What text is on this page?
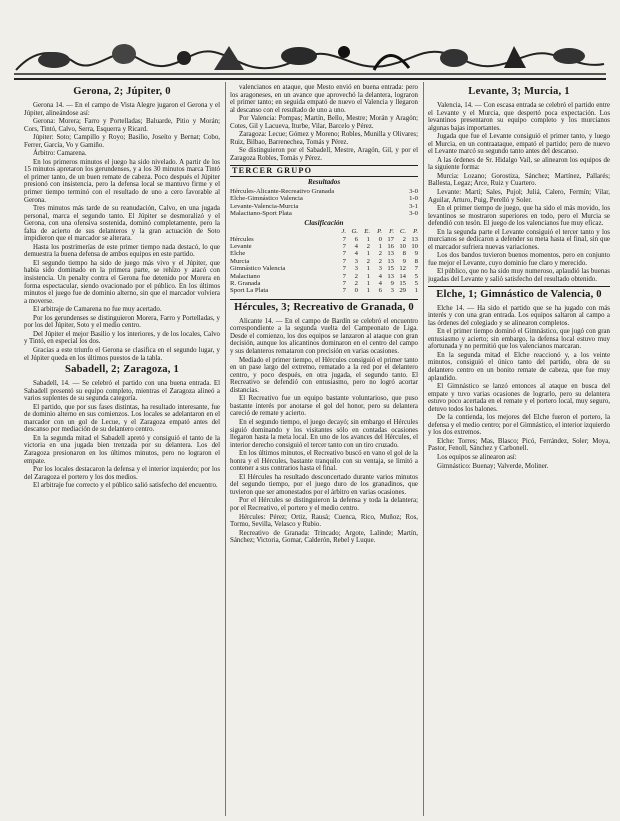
Gerona, 2; Júpiter, 0

Gerona 14. — En el campo de Vista Alegre jugaron el Gerona y el Júpiter, alineándose así:

Gerona: Morera; Farro y Portelladas; Baluarde, Pitio y Morán; Cors, Tintó, Calvo, Serra, Esquerra y Ricard.

Júpiter: Soto; Campillo y Royo; Basilio, Joseíto y Bernat; Cobo, Ferrer, García, Vo y Gamiño.

Árbitro: Camarena.

En los primeros minutos el juego ha sido nivelado. A partir de los 15 minutos apretaron los gerundenses, y a los 30 minutos marca Tintó el primer tanto, de un buen remate de cabeza. Poco después el Júpiter presionó con insistencia, pero la defensa local se mantuvo firme y el primer tiempo terminó con el resultado de uno a cero favorable al Gerona.

Tres minutos más tarde de su reanudación, Calvo, en una jugada personal, marca el segundo tanto. El Júpiter se desmoralizó y el Gerona, con una ofensiva sostenida, dominó completamente, pero la falta de acierto de sus delanteros y la gran actuación de Soto impidieron que el marcador se alterara.

Hasta los postrimerías de este primer tiempo nada destacó, lo que demuestra la buena defensa de ambos equipos en este partido.

El segundo tiempo ha sido de juego más vivo y el Júpiter, que había sido dominado en la primera parte, se rehízo y atacó con insistencia. Un penalty contra el Gerona fue detenido por Morera en forma espectacular, siendo ovacionado por el público. En los últimos minutos el juego fue de dominio alterno, sin que el marcador volviera a moverse.

El arbitraje de Camarena no fue muy acertado.

Por los gerundenses se distinguieron Morera, Farro y Portelladas, y por los del Júpiter, Soto y el medio centro.

Del Júpiter el mejor Basilio y los interiores, y de los locales, Calvo y Tintó, en especial los dos.

Gracias a este triunfo el Gerona se clasifica en el segundo lugar, y el Júpiter queda en los últimos puestos de la tabla.

Sabadell, 2; Zaragoza, 1

Sabadell, 14. — Se celebró el partido con una buena entrada. El Sabadell presentó su equipo completo, mientras el Zaragoza alineó a varios suplentes de su segunda categoría.

El partido, que por sus fases distintas, ha resultado interesante, fue de dominio alterno en sus comienzos. Los locales se adelantaron en el marcador con un gol de Lecue, y el Zaragoza empató antes del descanso por mediación de su delantero centro.

En la segunda mitad el Sabadell apretó y consiguió el tanto de la victoria en una jugada bien trenzada por su delantera. Los del Zaragoza presionaron en los últimos minutos, pero no lograron el empate.

Por los locales destacaron la defensa y el interior izquierdo; por los del Zaragoza el portero y los dos medios.

El arbitraje fue correcto y el público salió satisfecho del encuentro.

valencianos en ataque, que Mesto envió en buena entrada: pero los aragoneses, en un avance que aprovechó la delantera, lograron el primer tanto; en seguida empató de nuevo el Valencia y llegaron al descanso con el resultado de uno a uno.

Por Valencia: Pompas; Martín, Bello, Mestre; Morán y Aragón; Cotes, Gil y Lacueva, Iturbe, Vilar, Barcelo y Pérez.

Zaragoza: Lecue; Gómez y Moreno; Robles, Munilla y Olivares; Ruiz, Bilbao, Barrenechea, Tomás y Pérez.

Se distinguieron por el Sabadell, Mestre, Aragón, Gil, y por el Zaragoza Robles, Tomás y Pérez.

TERCER GRUPO
Resultados
Hércules-Alicante-Recreativo Granada	3-0
Elche-Gimnástico Valencia	1-0
Levante-Valencia-Murcia	3-1
Malacitano-Sport Plata	3-0
Clasificación
	J.	G.	E.	P.	F.	C.	P.
Hércules	7	6	1	0	17	2	13
Levante	7	4	2	1	16	10	10
Elche	7	4	1	2	13	8	9
Murcia	7	3	2	2	13	9	8
Gimnástico Valencia	7	3	1	3	15	12	7
Malacitano	7	2	1	4	13	14	5
R. Granada	7	2	1	4	9	15	5
Sport La Plata	7	0	1	6	3	29	1
Hércules, 3; Recreativo de Granada, 0

Alicante 14. — En el campo de Bardín se celebró el encuentro correspondiente a la segunda vuelta del Campeonato de Liga. Desde el comienzo, los dos equipos se lanzaron al ataque con gran decisión, aunque los alicantinos dominaron en el centro del campo y sus delanteros remataron con precisión en varias ocasiones.

Mediado el primer tiempo, el Hércules consiguió el primer tanto en un pase largo del extremo, rematado a la red por el delantero centro, y poco después, en otra jugada, el segundo tanto. El Recreativo se defendió con entusiasmo, pero no logró acortar distancias.

El Recreativo fue un equipo bastante voluntarioso, que puso bastante interés por anotarse el gol del honor, pero su delantera careció de remate y acierto.

En el segundo tiempo, el juego decayó; sin embargo el Hércules siguió dominando y los visitantes sólo en contadas ocasiones llegaron hasta la meta local. En uno de los avances del Hércules, el interior derecho consiguió el tercer tanto con un tiro cruzado.

En los últimos minutos, el Recreativo buscó en vano el gol de la honra y el Hércules, bastante tranquilo con su ventaja, se limitó a contener a sus contrarios hasta el final.

El Hércules ha resultado desconcertado durante varios minutos del segundo tiempo, por el juego duro de los granadinos, que tuvieron que ser amonestados por el árbitro en varias ocasiones.

Por el Hércules se distinguieron la defensa y toda la delantera; por el Recreativo, el portero y el medio centro.

Hércules: Pérez; Ortiz, Rausá; Cuenca, Rico, Muñoz; Ros, Tormo, Sevilla, Velasco y Rubio.

Recreativo de Granada: Trincado; Argote, Lalinde; Martín, Sánchez; Victoria, Gomar, Calderón, Rebel y Luque.

Levante, 3; Murcia, 1

Valencia, 14. — Con escasa entrada se celebró el partido entre el Levante y el Murcia, que despertó poca expectación. Los levantinos presentaron su equipo completo y los murcianos algunas bajas importantes.

Jugada que fue el Levante consiguió el primer tanto, y luego el Murcia, en un contraataque, empató el partido; pero de nuevo el Levante marcó su segundo tanto antes del descanso.

A las órdenes de Sr. Hidalgo Vaíl, se alinearon los equipos de la siguiente forma:

Murcia: Lozano; Gorostiza, Sánchez; Martínez, Pallarés; Ballesta, Legaz; Arce, Ruiz y Cuartero.

Levante: Martí; Sales, Pujol; Juliá, Calero, Fermín; Vilar, Aguilar, Arturo, Puig, Perelló y Soler.

En el primer tiempo de juego, que ha sido el más movido, los levantinos se mostraron superiores en todo, pero el Murcia se defendió con tesón. El juego de los valencianos fue muy eficaz.

En la segunda parte el Levante consiguió el tercer tanto y los murcianos se dedicaron a defender su meta hasta el final, sin que el marcador sufriera nuevas variaciones.

Los dos bandos tuvieron buenos momentos, pero en conjunto fue mejor el Levante, cuyo dominio fue claro y merecido.

El público, que no ha sido muy numeroso, aplaudió las buenas jugadas del Levante y salió satisfecho del resultado obtenido.

Elche, 1; Gimnástico de Valencia, 0

Elche 14. — Ha sido el partido que se ha jugado con más interés y con una gran entrada. Los equipos saltaron al campo a las órdenes del colegiado y se alinearon completos.

En el primer tiempo dominó el Gimnástico, que jugó con gran entusiasmo y acierto; sin embargo, la defensa local estuvo muy afortunada y no permitió que los valencianos marcaran.

En la segunda mitad el Elche reaccionó y, a los veinte minutos, consiguió el único tanto del partido, obra de su delantero centro en un bonito remate de cabeza, que fue muy aplaudido.

El Gimnástico se lanzó entonces al ataque en busca del empate y tuvo varias ocasiones de lograrlo, pero su delantera estuvo poco acertada en el remate y el portero local, muy seguro, detuvo todos los balones.

De la contienda, los mejores del Elche fueron el portero, la defensa y el medio centro; por el Gimnástico, el interior izquierdo y los dos extremos.

Elche: Torres; Mas, Blasco; Picó, Ferrández, Soler; Moya, Pastor, Fenoll, Sánchez y Carbonell.

Los equipos se alinearon así:

Gimnástico: Buenay; Valverde, Moliner.
